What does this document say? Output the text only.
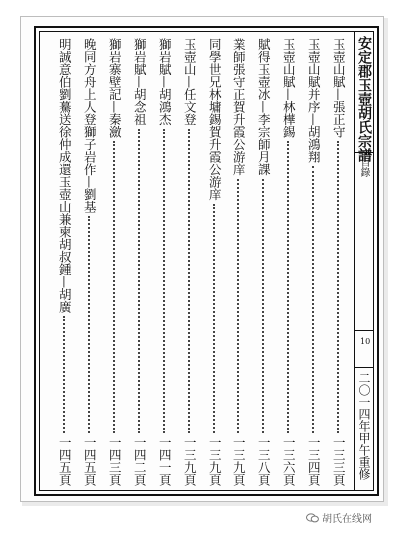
安定郡玉壺胡氏宗譜
目錄
10
二〇一四年甲午重修
玉壺山賦—張正守
一三三頁
玉壺山賦并序—胡鴻翔
一三四頁
玉壺山賦—林樺錫
一三六頁
賦得玉壺冰—李宗師月課
一三八頁
業師張守正賀升霞公游庠
一三九頁
同學世兄林墉錫賀升霞公游庠
一三九頁
玉壺山—任文登
一三九頁
獅岩賦—胡鴻杰
一四一頁
獅岩賦—胡念祖
一四二頁
獅岩寨壁記—秦瀲
一四三頁
晚同方舟上人登獅子岩作—劉基
一四五頁
明誠意伯劉驀送徐仲成還玉壺山兼柬胡叔鍾—胡廣
一四五頁
胡氏在线网
